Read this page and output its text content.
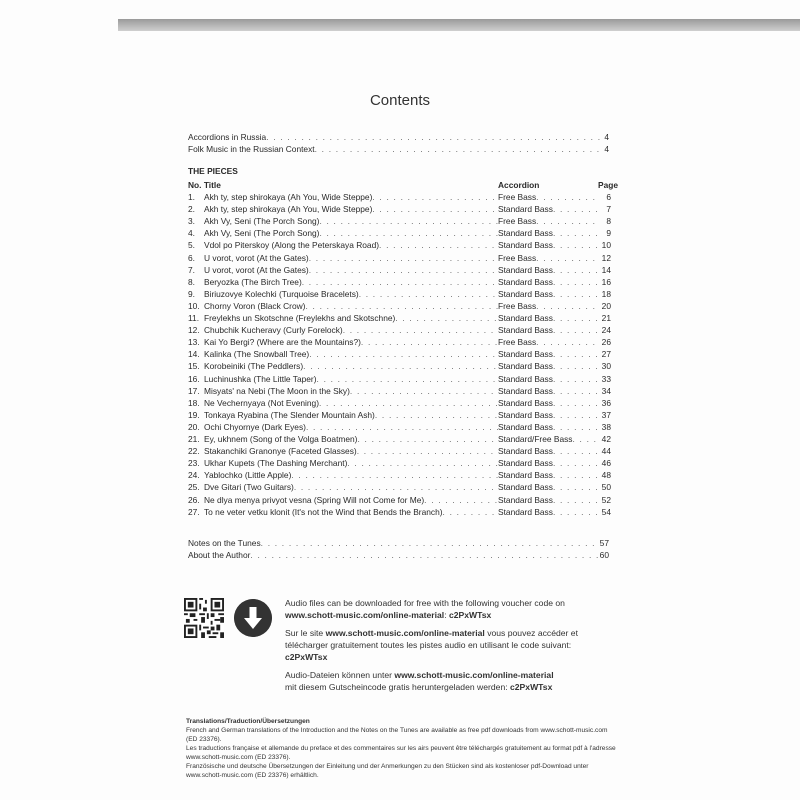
Contents
Accordions in Russia . . .	4
Folk Music in the Russian Context . . .	4
THE PIECES
No. Title	Accordion	Page
1.	Akh ty, step shirokaya (Ah You, Wide Steppe) . . .	Free Bass . . .	6
2.	Akh ty, step shirokaya (Ah You, Wide Steppe) . . .	Standard Bass . . .	7
3.	Akh Vy, Seni (The Porch Song) . . .	Free Bass . . .	8
4.	Akh Vy, Seni (The Porch Song) . . .	Standard Bass . . .	9
5.	Vdol po Piterskoy (Along the Peterskaya Road) . . .	Standard Bass . . .	10
6.	U vorot, vorot (At the Gates) . . .	Free Bass . . .	12
7.	U vorot, vorot (At the Gates) . . .	Standard Bass . . .	14
8.	Beryozka (The Birch Tree) . . .	Standard Bass . . .	16
9.	Biriuzovye Kolechki (Turquoise Bracelets) . . .	Standard Bass . . .	18
10. Chorny Voron (Black Crow) . . .	Free Bass . . .	20
11. Freylekhs un Skotschne (Freylekhs and Skotschne) . . .	Standard Bass . . .	21
12. Chubchik Kucheravy (Curly Forelock) . . .	Standard Bass . . .	24
13. Kai Yo Bergi? (Where are the Mountains?) . . .	Free Bass . . .	26
14. Kalinka (The Snowball Tree) . . .	Standard Bass . . .	27
15. Korobeiniki (The Peddlers) . . .	Standard Bass . . .	30
16. Luchinushka (The Little Taper) . . .	Standard Bass . . .	33
17. Misyats' na Nebi (The Moon in the Sky) . . .	Standard Bass . . .	34
18. Ne Vechernyaya (Not Evening) . . .	Standard Bass . . .	36
19. Tonkaya Ryabina (The Slender Mountain Ash) . . .	Standard Bass . . .	37
20. Ochi Chyornye (Dark Eyes) . . .	Standard Bass . . .	38
21. Ey, ukhnem (Song of the Volga Boatmen) . . .	Standard/Free Bass . . .	42
22. Stakanchiki Granonye (Faceted Glasses) . . .	Standard Bass . . .	44
23. Ukhar Kupets (The Dashing Merchant) . . .	Standard Bass . . .	46
24. Yablochko (Little Apple) . . .	Standard Bass . . .	48
25. Dve Gitari (Two Guitars) . . .	Standard Bass . . .	50
26. Ne dlya menya privyot vesna (Spring Will not Come for Me) . . .	Standard Bass . . .	52
27. To ne veter vetku klonit (It's not the Wind that Bends the Branch) . . .	Standard Bass . . .	54
Notes on the Tunes . . .	57
About the Author . . .	60
Audio files can be downloaded for free with the following voucher code on
www.schott-music.com/online-material: c2PxWTsx
Sur le site www.schott-music.com/online-material vous pouvez accéder et
télécharger gratuitement toutes les pistes audio en utilisant le code suivant:
c2PxWTsx
Audio-Dateien können unter www.schott-music.com/online-material
mit diesem Gutscheincode gratis heruntergeladen werden: c2PxWTsx
Translations/Traduction/Übersetzungen
French and German translations of the Introduction and the Notes on the Tunes are available as free pdf downloads from www.schott-music.com (ED 23376).
Les traductions française et allemande du preface et des commentaires sur les airs peuvent être téléchargés gratuitement au format pdf à l'adresse www.schott-music.com (ED 23376).
Französische und deutsche Übersetzungen der Einleitung und der Anmerkungen zu den Stücken sind als kostenloser pdf-Download unter www.schott-music.com (ED 23376) erhältlich.
